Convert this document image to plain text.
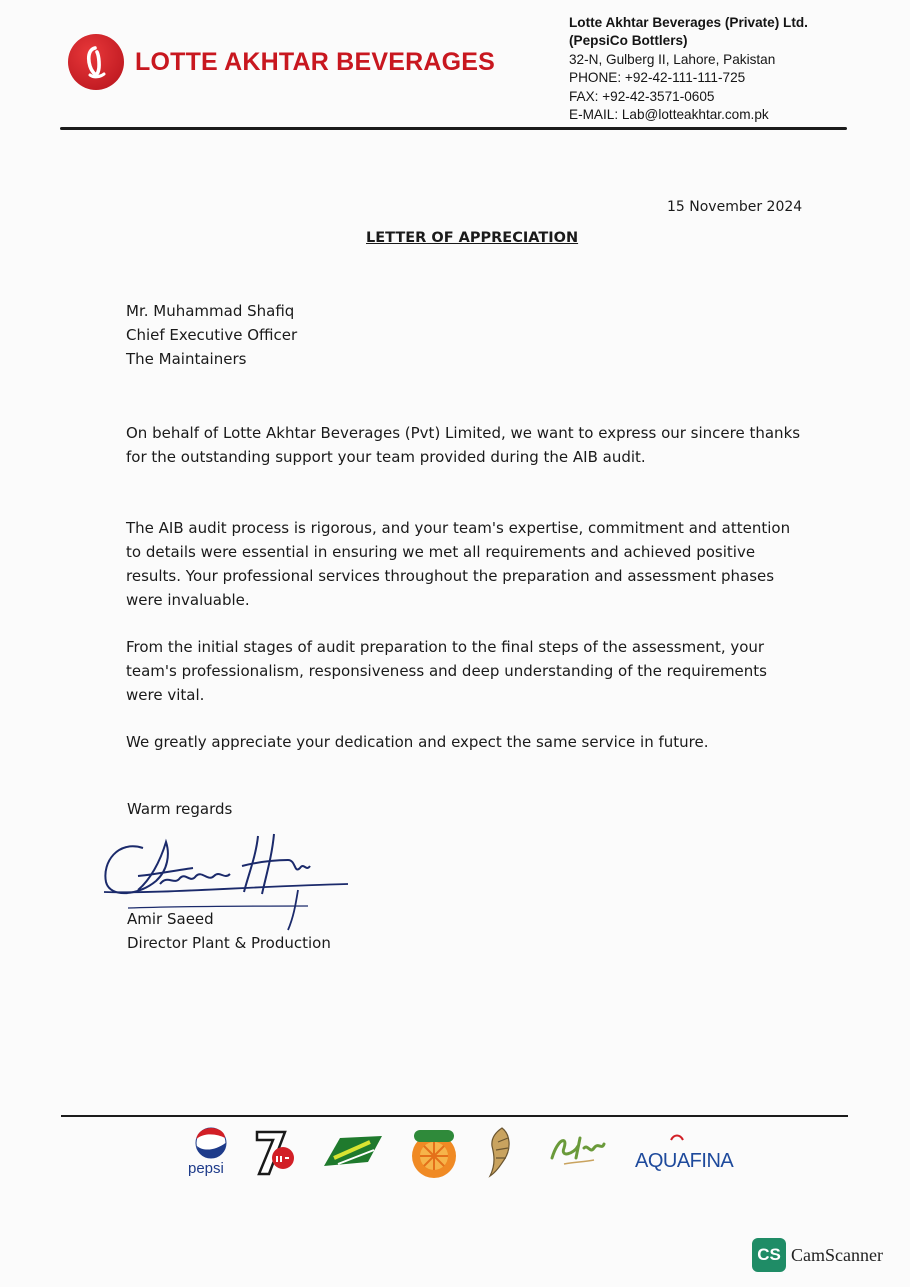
LOTTE AKHTAR BEVERAGES
Lotte Akhtar Beverages (Private) Ltd.
(PepsiCo Bottlers)
32-N, Gulberg II, Lahore, Pakistan
PHONE: +92-42-111-111-725
FAX: +92-42-3571-0605
E-MAIL: Lab@lotteakhtar.com.pk
15 November 2024
LETTER OF APPRECIATION
Mr. Muhammad Shafiq
Chief Executive Officer
The Maintainers
On behalf of Lotte Akhtar Beverages (Pvt) Limited, we want to express our sincere thanks for the outstanding support your team provided during the AIB audit.
The AIB audit process is rigorous, and your team's expertise, commitment and attention to details were essential in ensuring we met all requirements and achieved positive results. Your professional services throughout the preparation and assessment phases were invaluable.
From the initial stages of audit preparation to the final steps of the assessment, your team's professionalism, responsiveness and deep understanding of the requirements were vital.
We greatly appreciate your dedication and expect the same service in future.
Warm regards
Amir Saeed
Director Plant & Production
pepsi	AQUAFINA
CS CamScanner
